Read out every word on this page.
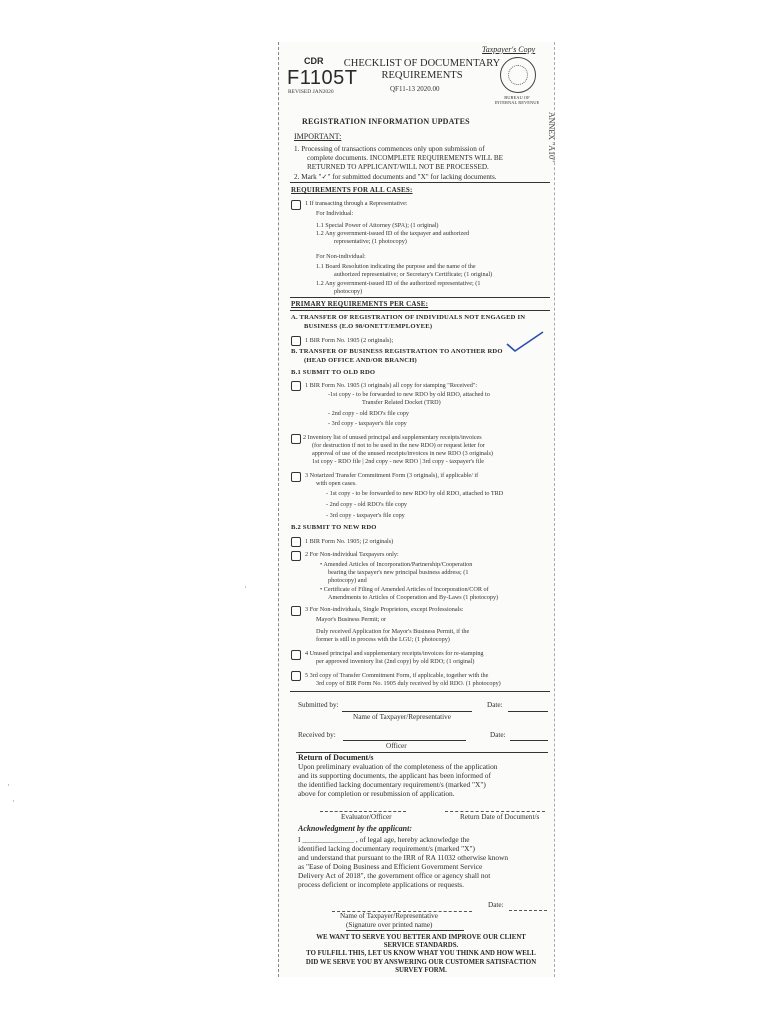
·
·
·
Taxpayer's Copy
CDR
F1105T
REVISED JAN2020
CHECKLIST OF DOCUMENTARY
REQUIREMENTS
QF11-13 2020.00
BUREAU OF INTERNAL REVENUE
ANNEX "A10"
REGISTRATION INFORMATION UPDATES
IMPORTANT:
1. Processing of transactions commences only upon submission of
complete documents. INCOMPLETE REQUIREMENTS WILL BE
RETURNED TO APPLICANT/WILL NOT BE PROCESSED.
2. Mark "✓" for submitted documents and "X" for lacking documents.
REQUIREMENTS FOR ALL CASES:
1 If transacting through a Representative:
For Individual:
1.1 Special Power of Attorney (SPA); (1 original)
1.2 Any government-issued ID of the taxpayer and authorized
representative; (1 photocopy)
For Non-individual:
1.1 Board Resolution indicating the purpose and the name of the
authorized representative; or Secretary's Certificate; (1 original)
1.2 Any government-issued ID of the authorized representative; (1
photocopy)
PRIMARY REQUIREMENTS PER CASE:
A. TRANSFER OF REGISTRATION OF INDIVIDUALS NOT ENGAGED IN
BUSINESS (E.O 98/ONETT/EMPLOYEE)
1 BIR Form No. 1905 (2 originals);
B. TRANSFER OF BUSINESS REGISTRATION TO ANOTHER RDO
(HEAD OFFICE AND/OR BRANCH)
B.1 SUBMIT TO OLD RDO
1 BIR Form No. 1905 (3 originals) all copy for stamping "Received":
-1st copy - to be forwarded to new RDO by old RDO, attached to
Transfer Related Docket (TRD)
- 2nd copy - old RDO's file copy
- 3rd copy - taxpayer's file copy
2 Inventory list of unused principal and supplementary receipts/invoices
(for destruction if not to be used in the new RDO) or request letter for
approval of use of the unused receipts/invoices in new RDO (3 originals)
1st copy - RDO file | 2nd copy - new RDO | 3rd copy - taxpayer's file
3 Notarized Transfer Commitment Form (3 originals), if applicable/ if
with open cases.
- 1st copy - to be forwarded to new RDO by old RDO, attached to TRD
- 2nd copy - old RDO's file copy
- 3rd copy - taxpayer's file copy
B.2 SUBMIT TO NEW RDO
1 BIR Form No. 1905; (2 originals)
2 For Non-individual Taxpayers only:
• Amended Articles of Incorporation/Partnership/Cooperation
bearing the taxpayer's new principal business address; (1
photocopy) and
• Certificate of Filing of Amended Articles of Incorporation/COR of
Amendments to Articles of Cooperation and By-Laws (1 photocopy)
3 For Non-individuals, Single Proprietors, except Professionals:
Mayor's Business Permit; or
Duly received Application for Mayor's Business Permit, if the
former is still in process with the LGU; (1 photocopy)
4 Unused principal and supplementary receipts/invoices for re-stamping
per approved inventory list (2nd copy) by old RDO; (1 original)
5 3rd copy of Transfer Commitment Form, if applicable, together with the
3rd copy of BIR Form No. 1905 duly received by old RDO. (1 photocopy)
Submitted by:	Date:
Name of Taxpayer/Representative
Received by:	Date:
Officer
Return of Document/s
Upon preliminary evaluation of the completeness of the application
and its supporting documents, the applicant has been informed of
the identified lacking documentary requirement/s (marked "X")
above for completion or resubmission of application.
Evaluator/Officer	Return Date of Document/s
Acknowledgment by the applicant:
I ______________ , of legal age, hereby acknowledge the
identified lacking documentary requirement/s (marked "X")
and understand that pursuant to the IRR of RA 11032 otherwise known
as "Ease of Doing Business and Efficient Government Service
Delivery Act of 2018", the government office or agency shall not
process deficient or incomplete applications or requests.
Date:
Name of Taxpayer/Representative
(Signature over printed name)
WE WANT TO SERVE YOU BETTER AND IMPROVE OUR CLIENT
SERVICE STANDARDS.
TO FULFILL THIS, LET US KNOW WHAT YOU THINK AND HOW WELL
DID WE SERVE YOU BY ANSWERING OUR CUSTOMER SATISFACTION
SURVEY FORM.
